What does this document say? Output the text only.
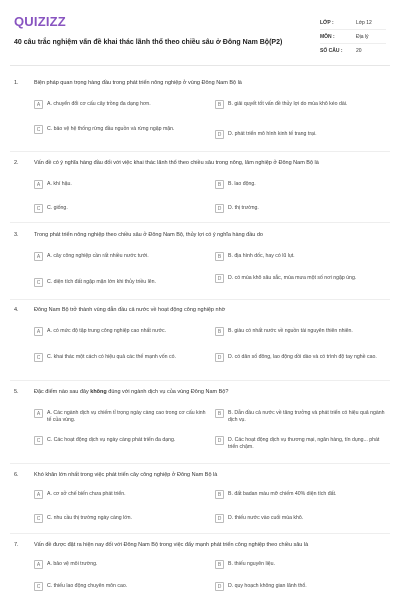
QUIZIZZ
40 câu trắc nghiệm vấn đề khai thác lãnh thổ theo chiều sâu ở Đông Nam Bộ(P2)
LỚP :	Lớp 12
MÔN :	Địa lý
SỐ CÂU :	20
1.	Biện pháp quan trọng hàng đầu trong phát triển nông nghiệp ở vùng Đông Nam Bộ là
A	A. chuyển đổi cơ cấu cây trồng đa dạng hơn.	B	B. giải quyết tốt vấn đề thủy lợi do mùa khô kéo dài.
C	C. bảo vệ hệ thống rừng đầu nguồn và rừng ngập mặn.
D	D. phát triển mô hình kinh tế trang trại.
2.	Vấn đề có ý nghĩa hàng đầu đối với việc khai thác lãnh thổ theo chiều sâu trong nông, lâm nghiệp ở Đông Nam Bộ là
A	A. khí hậu.	B	B. lao động.
C	C. giống.	D	D. thị trường.
3.	Trong phát triển nông nghiệp theo chiều sâu ở Đông Nam Bộ, thủy lợi có ý nghĩa hàng đầu do
A	A. cây công nghiệp cần rất nhiều nước tưới.	B	B. địa hình dốc, hay có lũ lụt.
C	C. diện tích đất ngập mặn lớn khi thủy triều lên.
D	D. có mùa khô sâu sắc, mùa mưa một số nơi ngập úng.
4.	Đông Nam Bộ trở thành vùng dẫn đầu cả nước về hoạt động công nghiệp nhờ
A	A. có mức độ tập trung công nghiệp cao nhất nước.	B	B. giàu có nhất nước về nguồn tài nguyên thiên nhiên.
C	C. khai thác một cách có hiệu quả các thế mạnh vốn có.	D	D. có dân số đông, lao động dồi dào và có trình độ tay nghề cao.
5.	Đặc điểm nào sau đây không đúng với ngành dịch vụ của vùng Đông Nam Bộ?
A	A. Các ngành dịch vụ chiếm tỉ trọng ngày càng cao trong cơ cấu kinh tế của vùng.
B	B. Dẫn đầu cả nước về tăng trưởng và phát triển có hiệu quả ngành dịch vụ.
C	C. Các hoạt động dịch vụ ngày càng phát triển đa dạng.	D	D. Các hoạt động dịch vụ thương mại, ngân hàng, tín dụng... phát triển chậm.
6.	Khó khăn lớn nhất trong việc phát triển cây công nghiệp ở Đông Nam Bộ là
A	A. cơ sở chế biến chưa phát triển.	B	B. đất badan màu mỡ chiếm 40% diện tích đất.
C	C. nhu cầu thị trường ngày càng lớn.	D	D. thiếu nước vào cuối mùa khô.
7.	Vấn đề được đặt ra hiện nay đối với Đông Nam Bộ trong việc đẩy mạnh phát triển công nghiệp theo chiều sâu là
A	A. bảo vệ môi trường.	B	B. thiếu nguyên liệu.
C	C. thiếu lao động chuyên môn cao.	D	D. quy hoạch không gian lãnh thổ.
